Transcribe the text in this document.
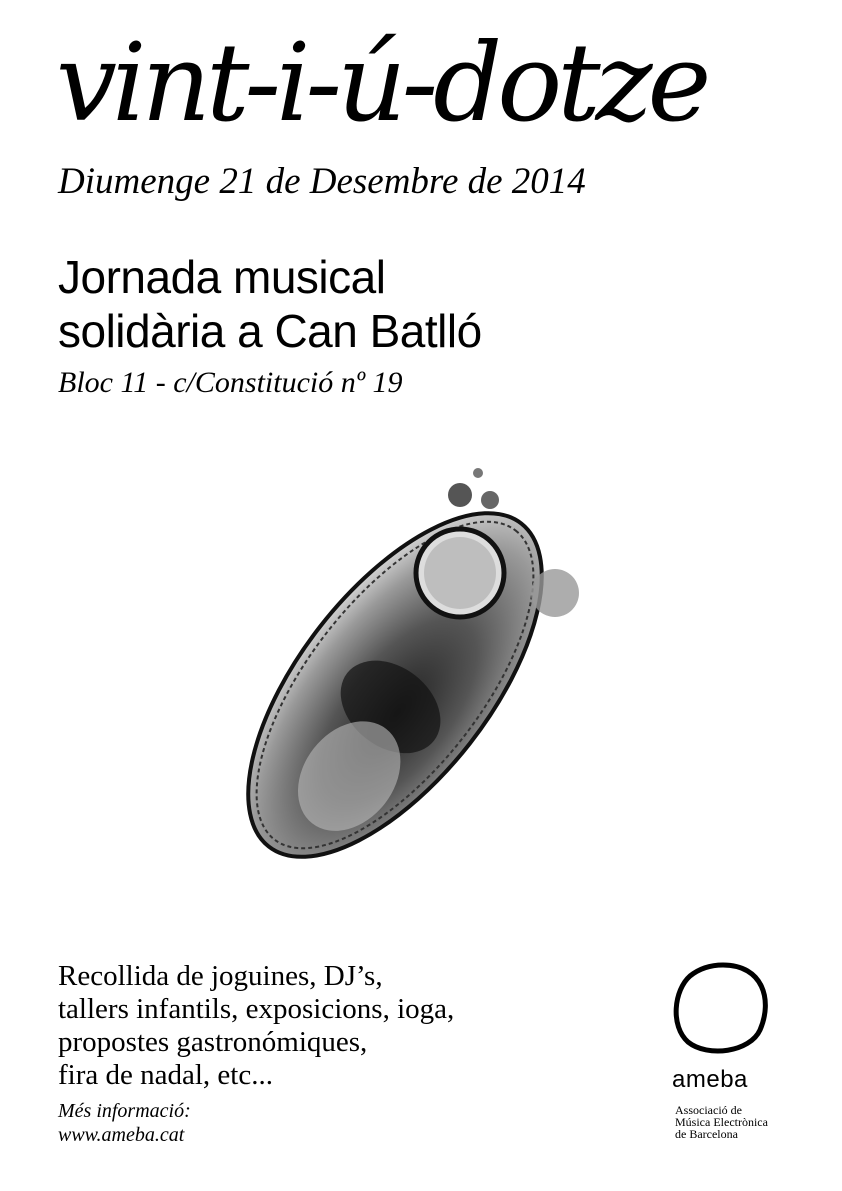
vint-i-ú-dotze
Diumenge 21 de Desembre de 2014
Jornada musical
solidària a Can Batlló
Bloc 11 - c/Constitució nº 19
Recollida de joguines, DJ’s,
tallers infantils, exposicions, ioga,
propostes gastronómiques,
fira de nadal, etc...
Més informació:
www.ameba.cat
ameba
Associació de
Música Electrònica
de Barcelona
